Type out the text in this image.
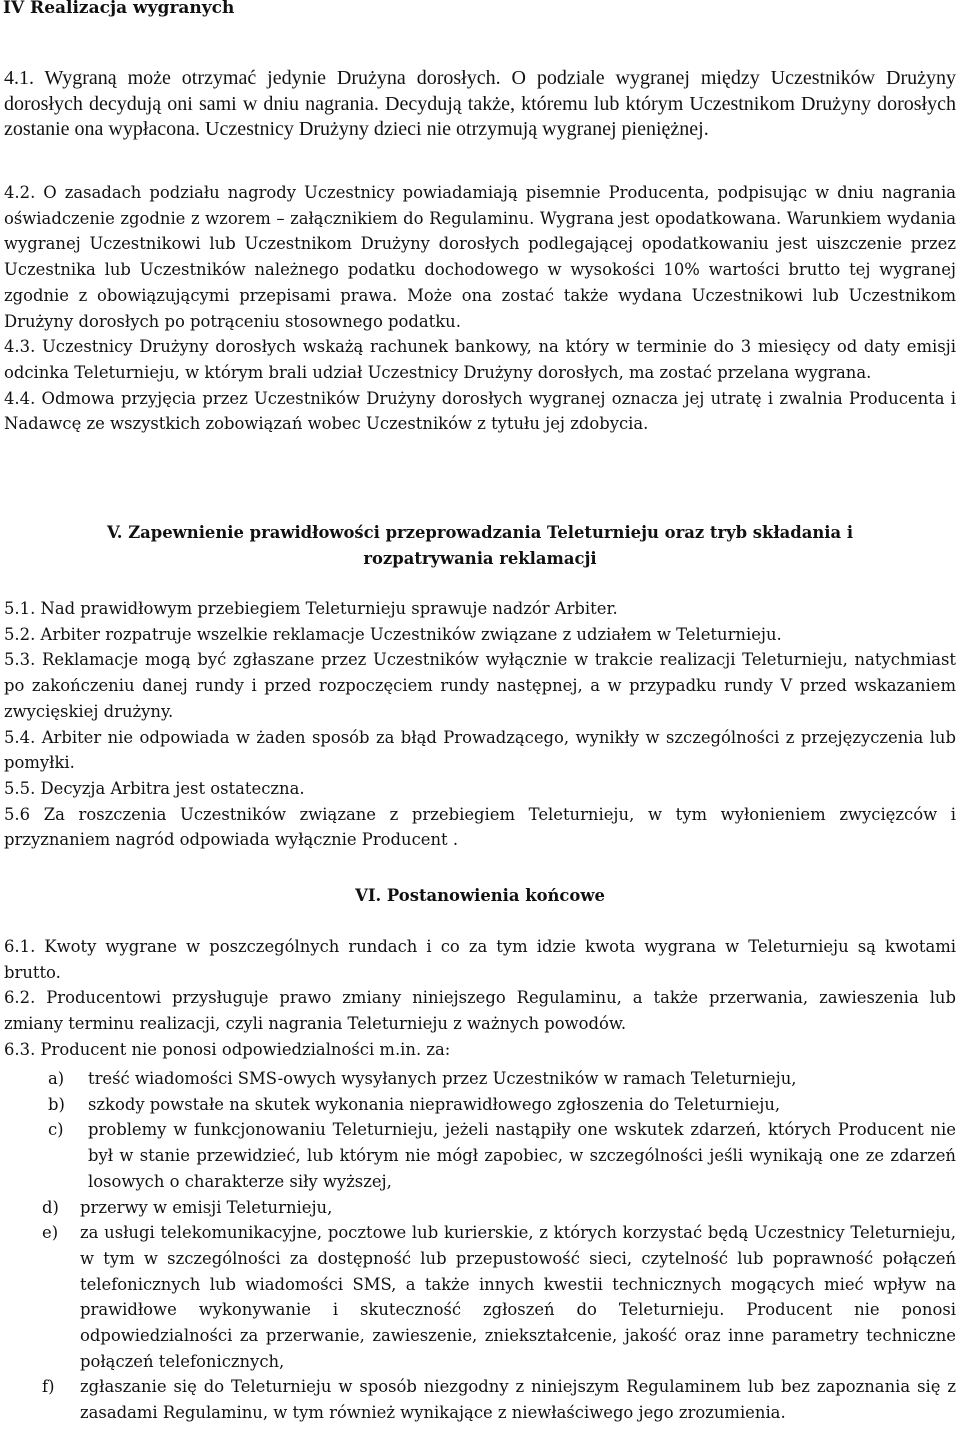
IV Realizacja wygranych

4.1. Wygraną może otrzymać jedynie Drużyna dorosłych. O podziale wygranej między Uczestników Drużyny dorosłych decydują oni sami w dniu nagrania. Decydują także, któremu lub którym Uczestnikom Drużyny dorosłych zostanie ona wypłacona. Uczestnicy Drużyny dzieci nie otrzymują wygranej pieniężnej.

4.2. O zasadach podziału nagrody Uczestnicy powiadamiają pisemnie Producenta, podpisując w dniu nagrania oświadczenie zgodnie z wzorem – załącznikiem do Regulaminu. Wygrana jest opodatkowana. Warunkiem wydania wygranej Uczestnikowi lub Uczestnikom Drużyny dorosłych podlegającej opodatkowaniu jest uiszczenie przez Uczestnika lub Uczestników należnego podatku dochodowego w wysokości 10% wartości brutto tej wygranej zgodnie z obowiązującymi przepisami prawa. Może ona zostać także wydana Uczestnikowi lub Uczestnikom Drużyny dorosłych po potrąceniu stosownego podatku.

4.3. Uczestnicy Drużyny dorosłych wskażą rachunek bankowy, na który w terminie do 3 miesięcy od daty emisji odcinka Teleturnieju, w którym brali udział Uczestnicy Drużyny dorosłych, ma zostać przelana wygrana.

4.4. Odmowa przyjęcia przez Uczestników Drużyny dorosłych wygranej oznacza jej utratę i zwalnia Producenta i Nadawcę ze wszystkich zobowiązań wobec Uczestników z tytułu jej zdobycia.

V. Zapewnienie prawidłowości przeprowadzania Teleturnieju oraz tryb składania i rozpatrywania reklamacji

5.1. Nad prawidłowym przebiegiem Teleturnieju sprawuje nadzór Arbiter.

5.2. Arbiter rozpatruje wszelkie reklamacje Uczestników związane z udziałem w Teleturnieju.

5.3. Reklamacje mogą być zgłaszane przez Uczestników wyłącznie w trakcie realizacji Teleturnieju, natychmiast po zakończeniu danej rundy i przed rozpoczęciem rundy następnej, a w przypadku rundy V przed wskazaniem zwycięskiej drużyny.

5.4. Arbiter nie odpowiada w żaden sposób za błąd Prowadzącego, wynikły w szczególności z przejęzyczenia lub pomyłki.

5.5. Decyzja Arbitra jest ostateczna.

5.6 Za roszczenia Uczestników związane z przebiegiem Teleturnieju, w tym wyłonieniem zwycięzców i przyznaniem nagród odpowiada wyłącznie Producent .

VI. Postanowienia końcowe

6.1. Kwoty wygrane w poszczególnych rundach i co za tym idzie kwota wygrana w Teleturnieju są kwotami brutto.

6.2. Producentowi przysługuje prawo zmiany niniejszego Regulaminu, a także przerwania, zawieszenia lub zmiany terminu realizacji, czyli nagrania Teleturnieju z ważnych powodów.

6.3. Producent nie ponosi odpowiedzialności m.in. za:

a)	treść wiadomości SMS-owych wysyłanych przez Uczestników w ramach Teleturnieju,
b)	szkody powstałe na skutek wykonania nieprawidłowego zgłoszenia do Teleturnieju,
c)	problemy w funkcjonowaniu Teleturnieju, jeżeli nastąpiły one wskutek zdarzeń, których Producent nie był w stanie przewidzieć, lub którym nie mógł zapobiec, w szczególności jeśli wynikają one ze zdarzeń losowych o charakterze siły wyższej,
d)	przerwy w emisji Teleturnieju,
e)	za usługi telekomunikacyjne, pocztowe lub kurierskie, z których korzystać będą Uczestnicy Teleturnieju, w tym w szczególności za dostępność lub przepustowość sieci, czytelność lub poprawność połączeń telefonicznych lub wiadomości SMS, a także innych kwestii technicznych mogących mieć wpływ na prawidłowe wykonywanie i skuteczność zgłoszeń do Teleturnieju. Producent nie ponosi odpowiedzialności za przerwanie, zawieszenie, zniekształcenie, jakość oraz inne parametry techniczne połączeń telefonicznych,
f)	zgłaszanie się do Teleturnieju w sposób niezgodny z niniejszym Regulaminem lub bez zapoznania się z zasadami Regulaminu, w tym również wynikające z niewłaściwego jego zrozumienia.
